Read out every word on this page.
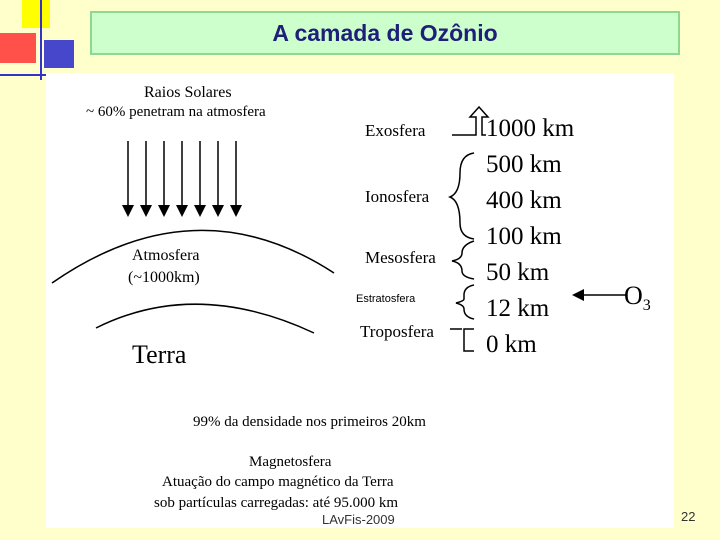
A camada de Ozônio
Raios Solares
~ 60% penetram na atmosfera
Atmosfera
(~1000km)
Terra
Exosfera
Ionosfera
Mesosfera
Estratosfera
Troposfera
1000 km
500 km
400 km
100 km
50 km
12 km
0 km
$O_3$
99% da densidade nos primeiros 20km
Magnetosfera
Atuação do campo magnético da Terra
sob partículas carregadas: até 95.000 km
LAvFis-2009	22
